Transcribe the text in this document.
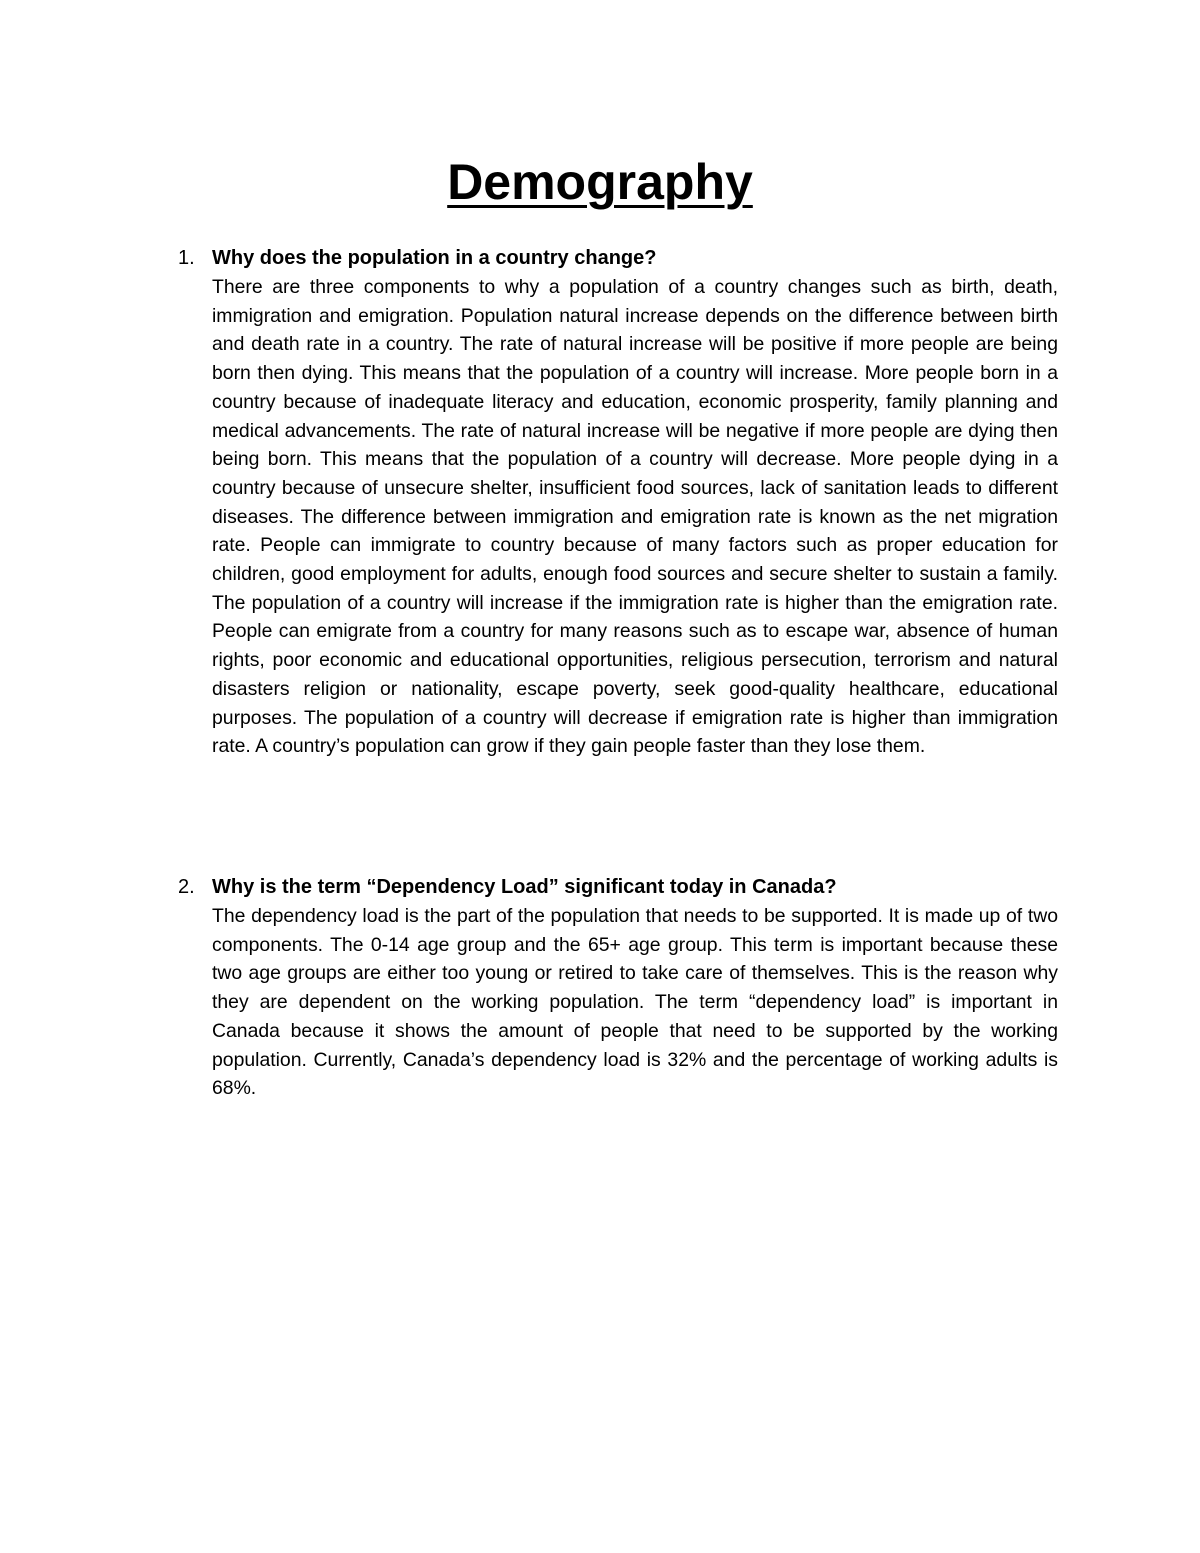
Demography

1. Why does the population in a country change?

There are three components to why a population of a country changes such as birth, death, immigration and emigration. Population natural increase depends on the difference between birth and death rate in a country. The rate of natural increase will be positive if more people are being born then dying. This means that the population of a country will increase. More people born in a country because of inadequate literacy and education, economic prosperity, family planning and medical advancements. The rate of natural increase will be negative if more people are dying then being born. This means that the population of a country will decrease. More people dying in a country because of unsecure shelter, insufficient food sources, lack of sanitation leads to different diseases. The difference between immigration and emigration rate is known as the net migration rate. People can immigrate to country because of many factors such as proper education for children, good employment for adults, enough food sources and secure shelter to sustain a family. The population of a country will increase if the immigration rate is higher than the emigration rate. People can emigrate from a country for many reasons such as to escape war, absence of human rights, poor economic and educational opportunities, religious persecution, terrorism and natural disasters religion or nationality, escape poverty, seek good-quality healthcare, educational purposes. The population of a country will decrease if emigration rate is higher than immigration rate. A country’s population can grow if they gain people faster than they lose them.

2. Why is the term “Dependency Load” significant today in Canada?

The dependency load is the part of the population that needs to be supported. It is made up of two components. The 0-14 age group and the 65+ age group. This term is important because these two age groups are either too young or retired to take care of themselves. This is the reason why they are dependent on the working population. The term “dependency load” is important in Canada because it shows the amount of people that need to be supported by the working population. Currently, Canada’s dependency load is 32% and the percentage of working adults is 68%.
